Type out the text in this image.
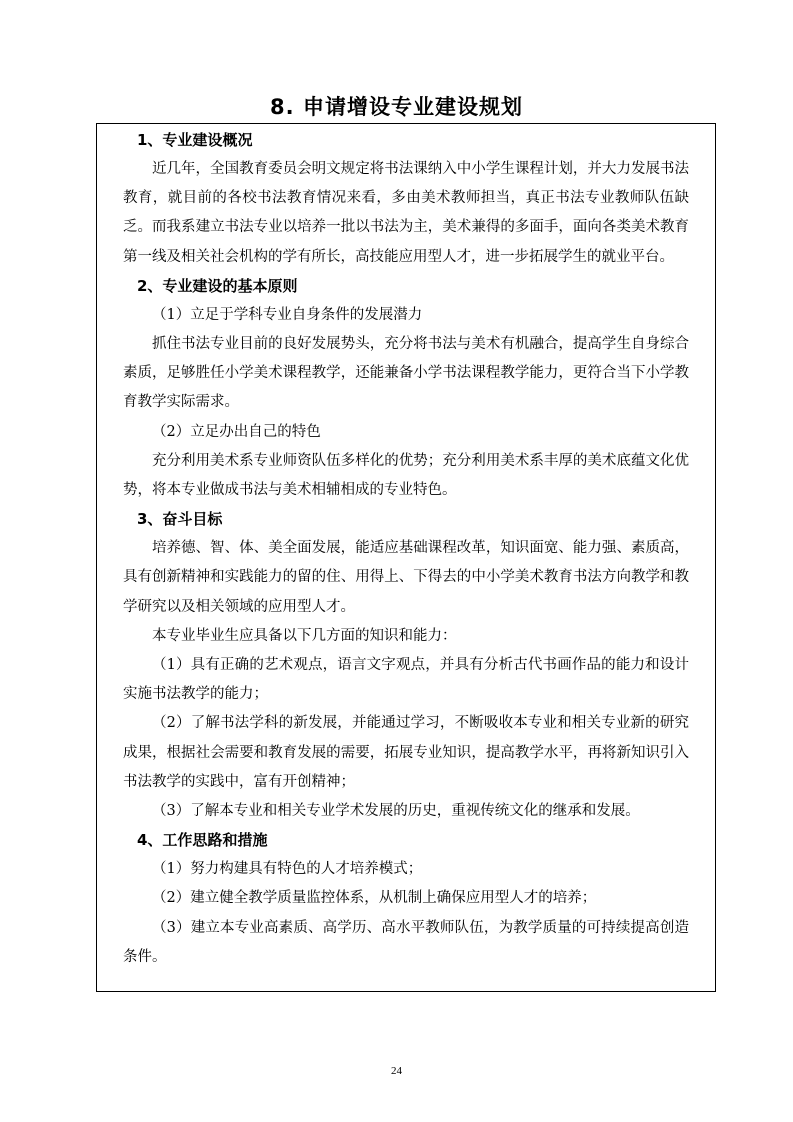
8. 申请增设专业建设规划
1、专业建设概况

近几年，全国教育委员会明文规定将书法课纳入中小学生课程计划，并大力发展书法教育，就目前的各校书法教育情况来看，多由美术教师担当，真正书法专业教师队伍缺乏。而我系建立书法专业以培养一批以书法为主，美术兼得的多面手，面向各类美术教育第一线及相关社会机构的学有所长，高技能应用型人才，进一步拓展学生的就业平台。

2、专业建设的基本原则

（1）立足于学科专业自身条件的发展潜力

抓住书法专业目前的良好发展势头，充分将书法与美术有机融合，提高学生自身综合素质，足够胜任小学美术课程教学，还能兼备小学书法课程教学能力，更符合当下小学教育教学实际需求。

（2）立足办出自己的特色

充分利用美术系专业师资队伍多样化的优势；充分利用美术系丰厚的美术底蕴文化优势，将本专业做成书法与美术相辅相成的专业特色。

3、奋斗目标

培养德、智、体、美全面发展，能适应基础课程改革，知识面宽、能力强、素质高，具有创新精神和实践能力的留的住、用得上、下得去的中小学美术教育书法方向教学和教学研究以及相关领域的应用型人才。

本专业毕业生应具备以下几方面的知识和能力：

（1）具有正确的艺术观点，语言文字观点，并具有分析古代书画作品的能力和设计实施书法教学的能力；

（2）了解书法学科的新发展，并能通过学习，不断吸收本专业和相关专业新的研究成果，根据社会需要和教育发展的需要，拓展专业知识，提高教学水平，再将新知识引入书法教学的实践中，富有开创精神；

（3）了解本专业和相关专业学术发展的历史，重视传统文化的继承和发展。

4、工作思路和措施

（1）努力构建具有特色的人才培养模式；

（2）建立健全教学质量监控体系，从机制上确保应用型人才的培养；

（3）建立本专业高素质、高学历、高水平教师队伍，为教学质量的可持续提高创造条件。

24
